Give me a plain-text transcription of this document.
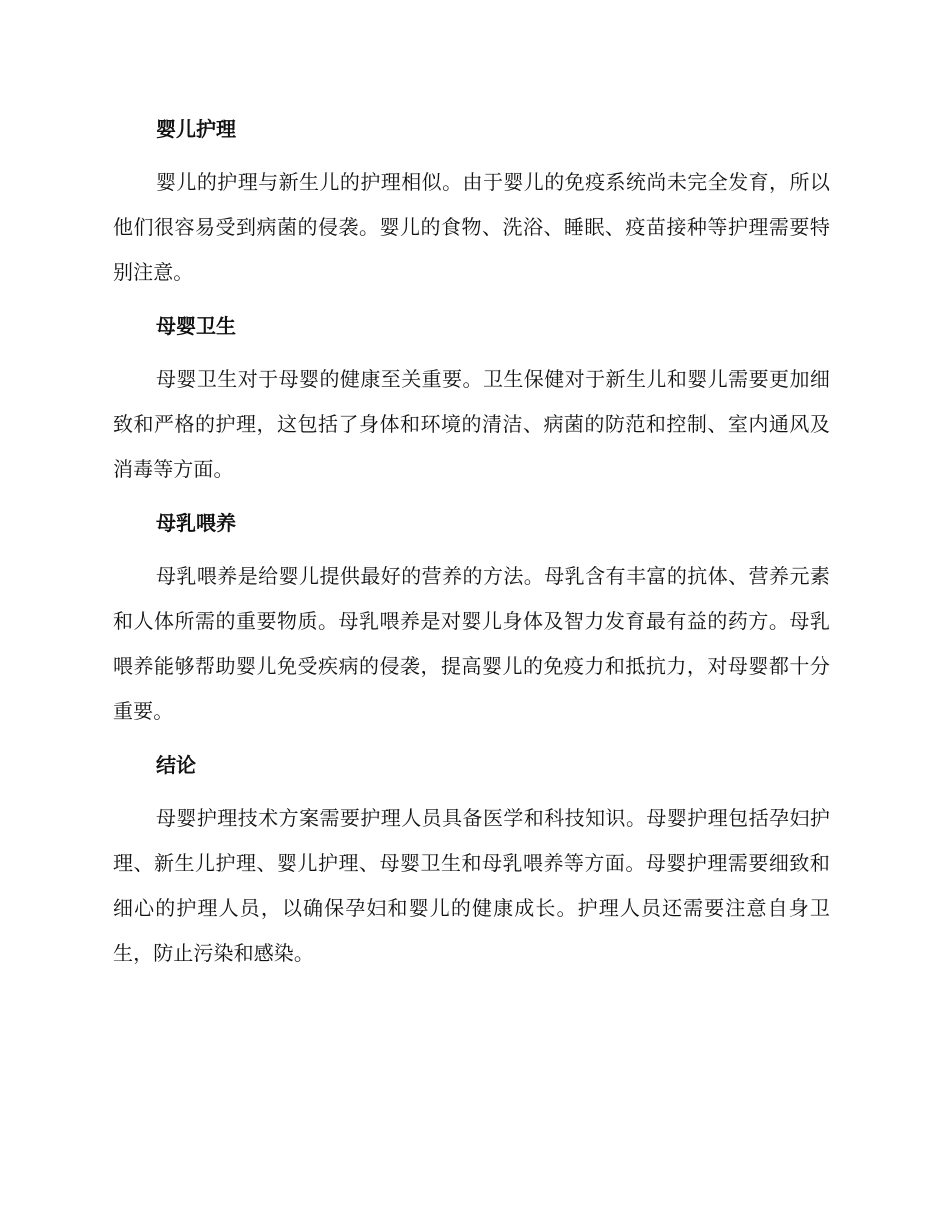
婴儿护理

婴儿的护理与新生儿的护理相似。由于婴儿的免疫系统尚未完全发育，所以他们很容易受到病菌的侵袭。婴儿的食物、洗浴、睡眠、疫苗接种等护理需要特别注意。

母婴卫生

母婴卫生对于母婴的健康至关重要。卫生保健对于新生儿和婴儿需要更加细致和严格的护理，这包括了身体和环境的清洁、病菌的防范和控制、室内通风及消毒等方面。

母乳喂养

母乳喂养是给婴儿提供最好的营养的方法。母乳含有丰富的抗体、营养元素和人体所需的重要物质。母乳喂养是对婴儿身体及智力发育最有益的药方。母乳喂养能够帮助婴儿免受疾病的侵袭，提高婴儿的免疫力和抵抗力，对母婴都十分重要。

结论

母婴护理技术方案需要护理人员具备医学和科技知识。母婴护理包括孕妇护理、新生儿护理、婴儿护理、母婴卫生和母乳喂养等方面。母婴护理需要细致和细心的护理人员，以确保孕妇和婴儿的健康成长。护理人员还需要注意自身卫生，防止污染和感染。
